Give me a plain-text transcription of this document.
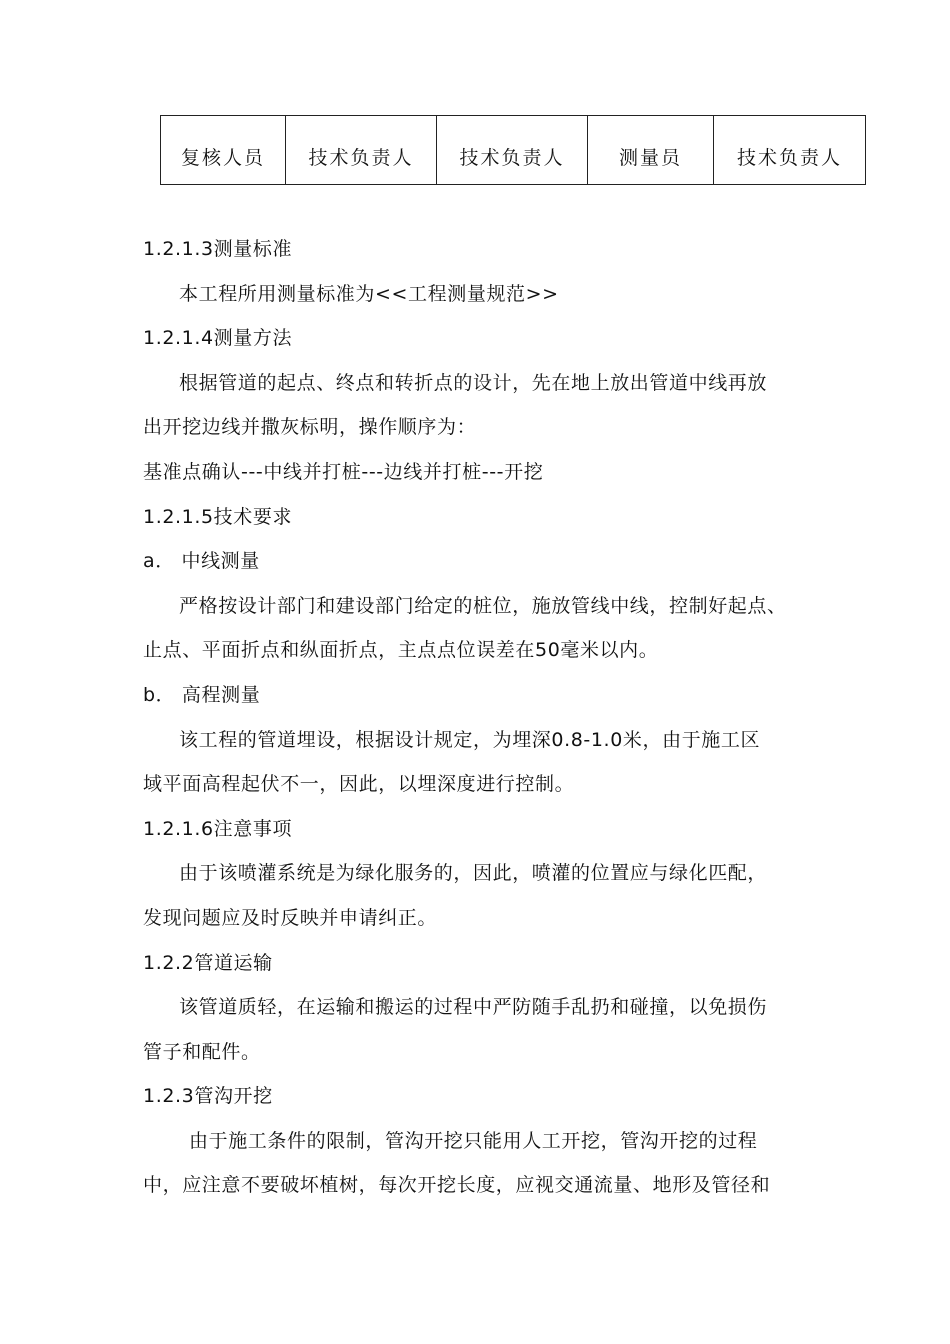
复核人员	技术负责人	技术负责人	测量员	技术负责人
1.2.1.3测量标准
本工程所用测量标准为<<工程测量规范>>
1.2.1.4测量方法
根据管道的起点、终点和转折点的设计，先在地上放出管道中线再放
出开挖边线并撒灰标明，操作顺序为：
基准点确认---中线并打桩---边线并打桩---开挖
1.2.1.5技术要求
a． 中线测量
严格按设计部门和建设部门给定的桩位，施放管线中线，控制好起点、
止点、平面折点和纵面折点，主点点位误差在50毫米以内。
b． 高程测量
该工程的管道埋设，根据设计规定，为埋深0.8-1.0米，由于施工区
域平面高程起伏不一，因此，以埋深度进行控制。
1.2.1.6注意事项
由于该喷灌系统是为绿化服务的，因此，喷灌的位置应与绿化匹配，
发现问题应及时反映并申请纠正。
1.2.2管道运输
该管道质轻，在运输和搬运的过程中严防随手乱扔和碰撞，以免损伤
管子和配件。
1.2.3管沟开挖
由于施工条件的限制，管沟开挖只能用人工开挖，管沟开挖的过程
中，应注意不要破坏植树，每次开挖长度，应视交通流量、地形及管径和
